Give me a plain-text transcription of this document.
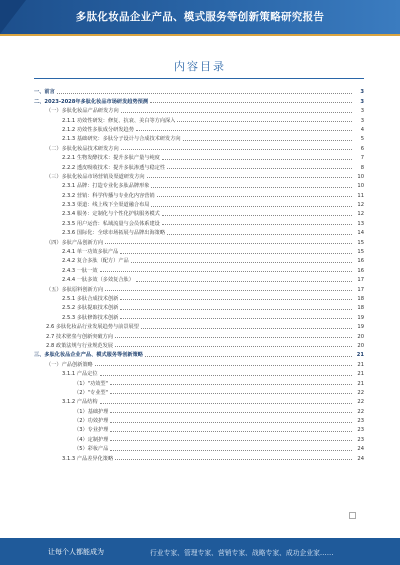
多肽化妆品企业产品、模式服务等创新策略研究报告
内容目录
一、前言	3
二、2023-2028年多肽化妆品市场研发趋势预测	3
（一）多肽化妆品产品研发方向	3
2.1.1 功效性研发：修复、抗衰、美白等方向深入	3
2.1.2 功效性多肽成分研发趋势	4
2.1.3 基础研究：多肽分子设计与合成技术研发方向	5
（二）多肽化妆品技术研发方向	6
2.2.1 生物发酵技术：提升多肽产量与纯度	7
2.2.2 透皮吸收技术：提升多肽渗透与稳定性	8
（三）多肽化妆品市场营销及渠道研发方向	10
2.3.1 品牌：打造专业化多肽品牌形象	10
2.3.2 营销：科学传播与专业化内容营销	11
2.3.3 渠道：线上线下全渠道融合布局	12
2.3.4 服务：定制化与个性化护肤服务模式	12
2.3.5 用户运营：私域流量与会员体系建设	13
2.3.6 国际化：全球市场拓展与品牌出海策略	14
（四）多肽产品创新方向	15
2.4.1 单一功效多肽产品	15
2.4.2 复合多肽（配方）产品	16
2.4.3 一肽一效	16
2.4.4 一肽多效（多效复合肽）	17
（五）多肽原料创新方向	17
2.5.1 多肽合成技术创新	18
2.5.2 多肽提取技术创新	18
2.5.3 多肽修饰技术创新	19
2.6 多肽化妆品行业发展趋势与前景展望	19
2.7 技术壁垒与创新突破方向	20
2.8 政策法规与行业规范发展	20
三、多肽化妆品企业产品、模式服务等创新策略	21
（一）产品创新策略	21
3.1.1 产品定位	21
（1）"功效型"	21
（2）"专业型"	22
3.1.2 产品结构	22
（1）基础护理	22
（2）功效护理	23
（3）专业护理	23
（4）定制护理	23
（5）彩妆产品	24
3.1.3 产品差异化策略	24
让每个人都能成为	行业专家、管理专家、营销专家、战略专家、成功企业家……
